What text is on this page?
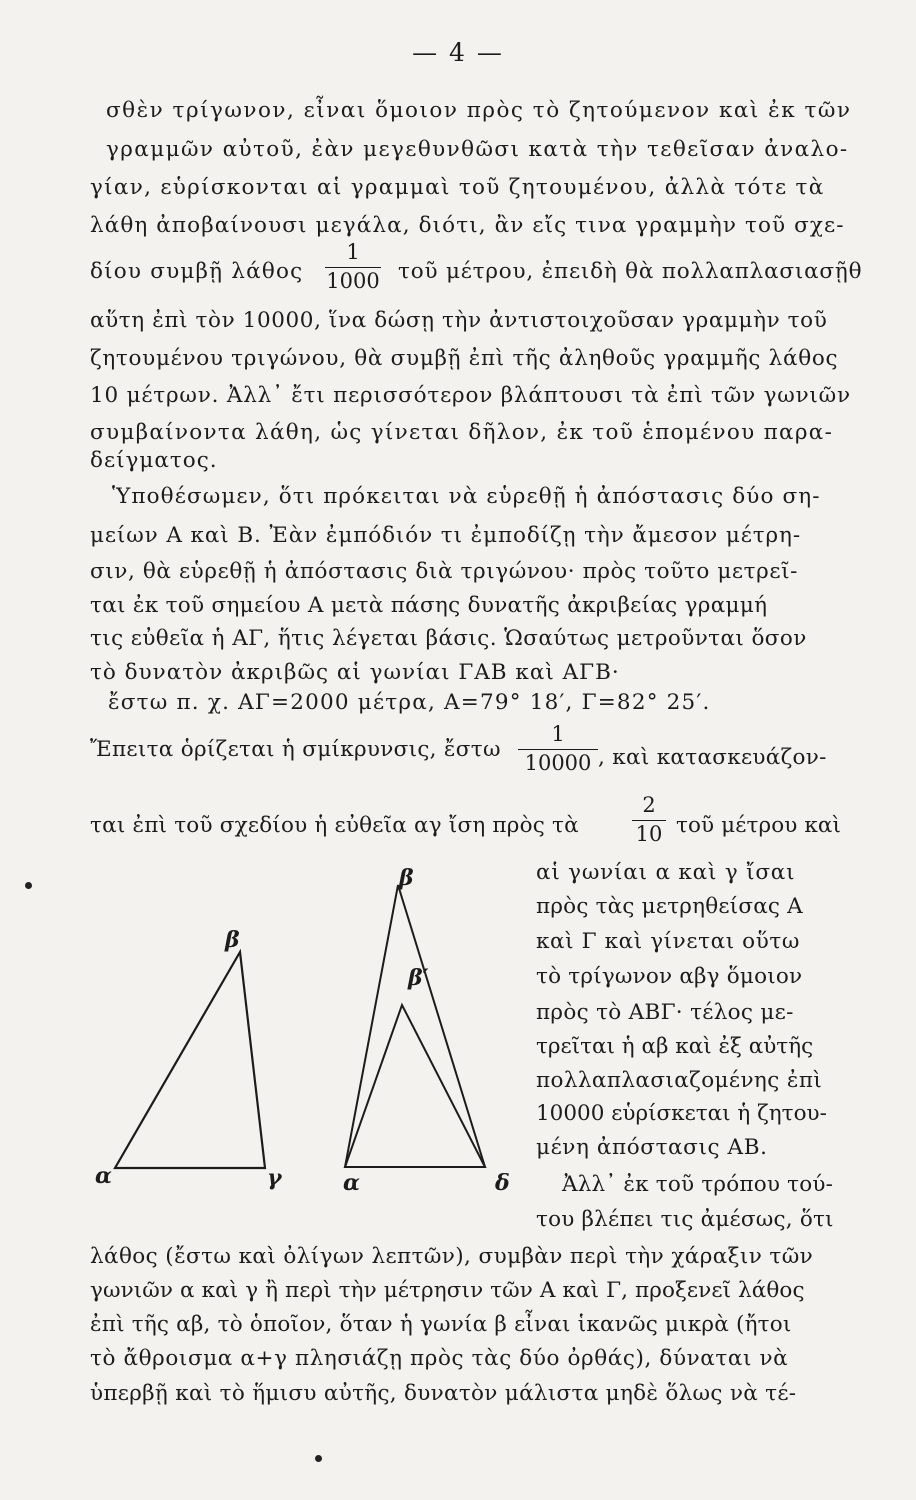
— 4 —
σθὲν τρίγωνον, εἶναι ὅμοιον πρὸς τὸ ζητούμενον καὶ ἐκ τῶν
γραμμῶν αὐτοῦ, ἐὰν μεγεθυνθῶσι κατὰ τὴν τεθεῖσαν ἀναλο-
γίαν, εὑρίσκονται αἱ γραμμαὶ τοῦ ζητουμένου, ἀλλὰ τότε τὰ
λάθη ἀποβαίνουσι μεγάλα, διότι, ἂν εἴς τινα γραμμὴν τοῦ σχε-
δίου συμβῇ λάθος $\frac{1}{1000}$ τοῦ μέτρου, ἐπειδὴ θὰ πολλαπλασιασῇθ
αὕτη ἐπὶ τὸν 10000, ἵνα δώσῃ τὴν ἀντιστοιχοῦσαν γραμμὴν τοῦ
ζητουμένου τριγώνου, θὰ συμβῇ ἐπὶ τῆς ἀληθοῦς γραμμῆς λάθος
10 μέτρων. Ἀλλ᾽ ἔτι περισσότερον βλάπτουσι τὰ ἐπὶ τῶν γωνιῶν
συμβαίνοντα λάθη, ὡς γίνεται δῆλον, ἐκ τοῦ ἑπομένου παρα-
δείγματος.
Ὑποθέσωμεν, ὅτι πρόκειται νὰ εὑρεθῇ ἡ ἀπόστασις δύο ση-
μείων Α καὶ Β. Ἐὰν ἐμπόδιόν τι ἐμποδίζῃ τὴν ἄμεσον μέτρη-
σιν, θὰ εὑρεθῇ ἡ ἀπόστασις διὰ τριγώνου· πρὸς τοῦτο μετρεῖ-
ται ἐκ τοῦ σημείου Α μετὰ πάσης δυνατῆς ἀκριβείας γραμμή
τις εὐθεῖα ἡ ΑΓ, ἥτις λέγεται βάσις. Ὡσαύτως μετροῦνται ὅσον
τὸ δυνατὸν ἀκριβῶς αἱ γωνίαι ΓΑΒ καὶ ΑΓΒ·
ἔστω π. χ. ΑΓ=2000 μέτρα, Α=79° 18′, Γ=82° 25′.
Ἔπειτα ὁρίζεται ἡ σμίκρυνσις, ἔστω $\frac{1}{10000}$ , καὶ κατασκευάζον-
ται ἐπὶ τοῦ σχεδίου ἡ εὐθεῖα αγ ἴση πρὸς τὰ	$\frac{2}{10}$ τοῦ μέτρου καὶ
αἱ γωνίαι α καὶ γ ἴσαι
πρὸς τὰς μετρηθείσας Α
καὶ Γ καὶ γίνεται οὕτω
τὸ τρίγωνον αβγ ὅμοιον
πρὸς τὸ ΑΒΓ· τέλος με-
τρεῖται ἡ αβ καὶ ἐξ αὐτῆς
πολλαπλασιαζομένης ἐπὶ
10000 εὑρίσκεται ἡ ζητου-
μένη ἀπόστασις ΑΒ.
Ἀλλ᾽ ἐκ τοῦ τρόπου τού-
του βλέπει τις ἀμέσως, ὅτι
λάθος (ἔστω καὶ ὀλίγων λεπτῶν), συμβὰν περὶ τὴν χάραξιν τῶν
γωνιῶν α καὶ γ ἢ περὶ τὴν μέτρησιν τῶν Α καὶ Γ, προξενεῖ λάθος
ἐπὶ τῆς αβ, τὸ ὁποῖον, ὅταν ἡ γωνία β εἶναι ἱκανῶς μικρὰ (ἤτοι
τὸ ἄθροισμα α+γ πλησιάζῃ πρὸς τὰς δύο ὀρθάς), δύναται νὰ
ὑπερβῇ καὶ τὸ ἥμισυ αὐτῆς, δυνατὸν μάλιστα μηδὲ ὅλως νὰ τέ-
α
β
γ	α
β
β′
δ
